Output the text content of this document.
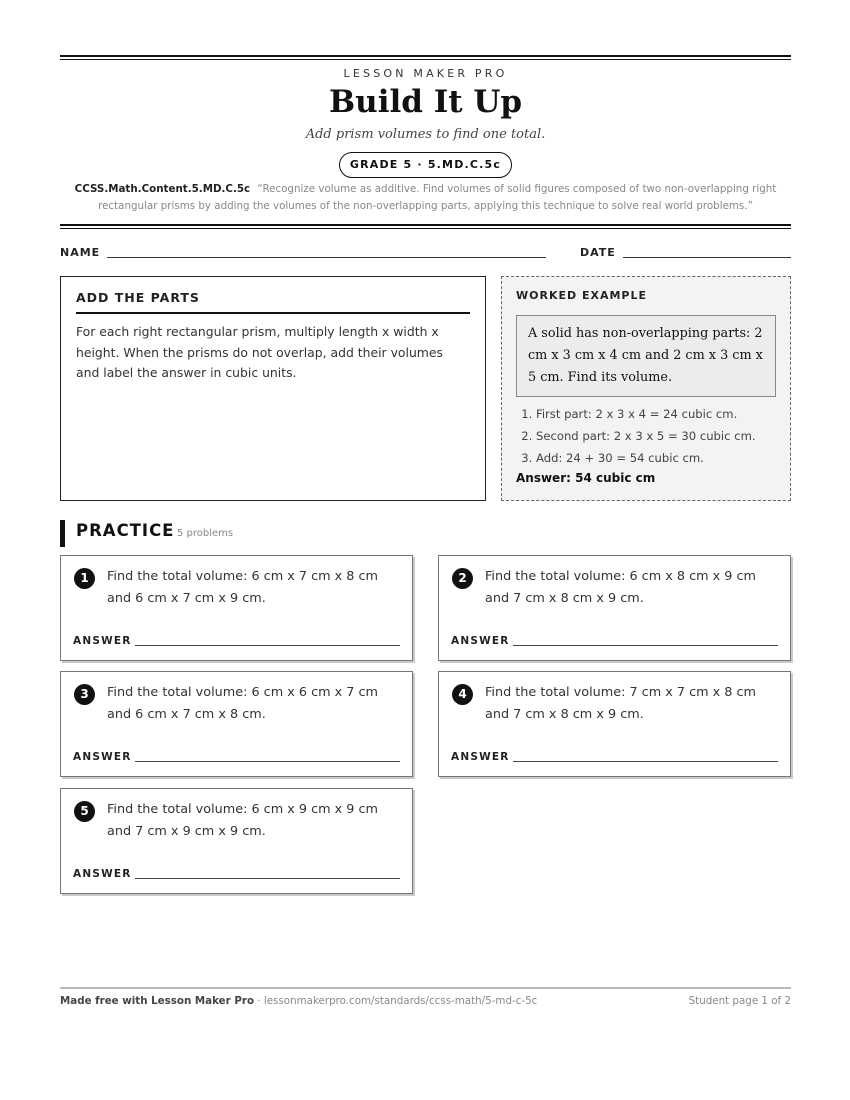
LESSON MAKER PRO
Build It Up
Add prism volumes to find one total.
GRADE 5 · 5.MD.C.5c
CCSS.Math.Content.5.MD.C.5c “Recognize volume as additive. Find volumes of solid figures composed of two non-overlapping right rectangular prisms by adding the volumes of the non-overlapping parts, applying this technique to solve real world problems.”
NAME	DATE
ADD THE PARTS
For each right rectangular prism, multiply length x width x height. When the prisms do not overlap, add their volumes and label the answer in cubic units.
WORKED EXAMPLE
A solid has non-overlapping parts: 2 cm x 3 cm x 4 cm and 2 cm x 3 cm x 5 cm. Find its volume.
1. First part: 2 x 3 x 4 = 24 cubic cm.
2. Second part: 2 x 3 x 5 = 30 cubic cm.
3. Add: 24 + 30 = 54 cubic cm.
Answer: 54 cubic cm
PRACTICE 5 problems
1	Find the total volume: 6 cm x 7 cm x 8 cm and 6 cm x 7 cm x 9 cm.
ANSWER
2	Find the total volume: 6 cm x 8 cm x 9 cm and 7 cm x 8 cm x 9 cm.
ANSWER
3	Find the total volume: 6 cm x 6 cm x 7 cm and 6 cm x 7 cm x 8 cm.
ANSWER
4	Find the total volume: 7 cm x 7 cm x 8 cm and 7 cm x 8 cm x 9 cm.
ANSWER
5	Find the total volume: 6 cm x 9 cm x 9 cm and 7 cm x 9 cm x 9 cm.
ANSWER
Made free with Lesson Maker Pro · lessonmakerpro.com/standards/ccss-math/5-md-c-5c	Student page 1 of 2
